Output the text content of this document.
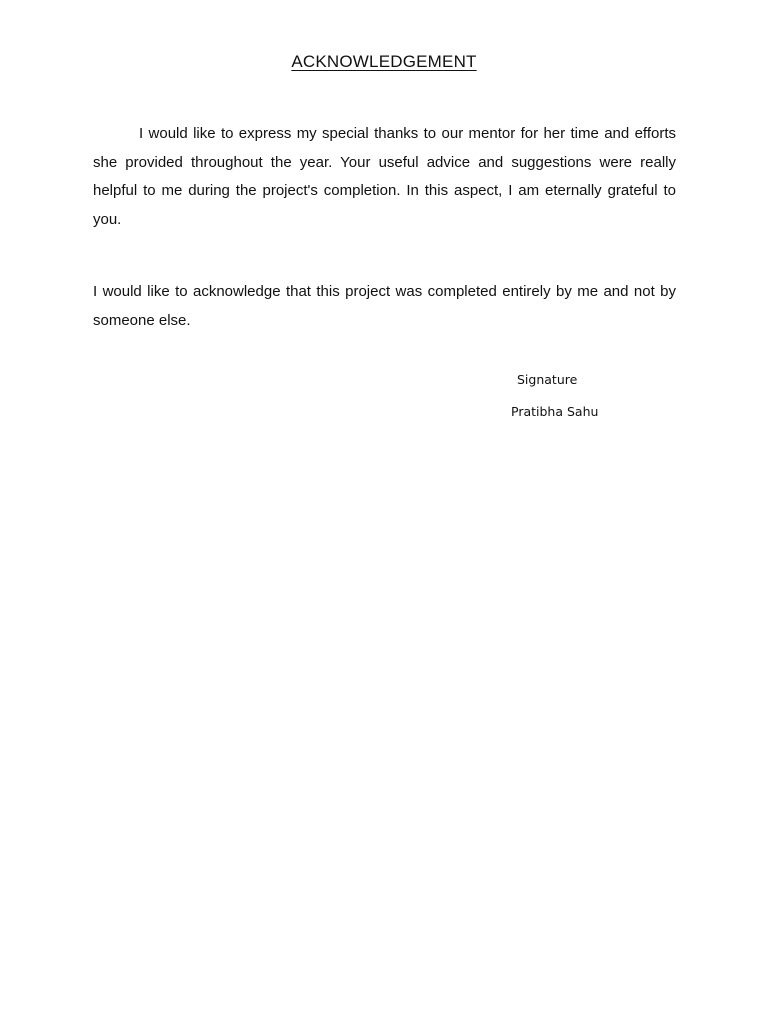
ACKNOWLEDGEMENT

I would like to express my special thanks to our mentor for her time and efforts she provided throughout the year. Your useful advice and suggestions were really helpful to me during the project's completion. In this aspect, I am eternally grateful to you.

I would like to acknowledge that this project was completed entirely by me and not by someone else.

Signature

Pratibha Sahu
